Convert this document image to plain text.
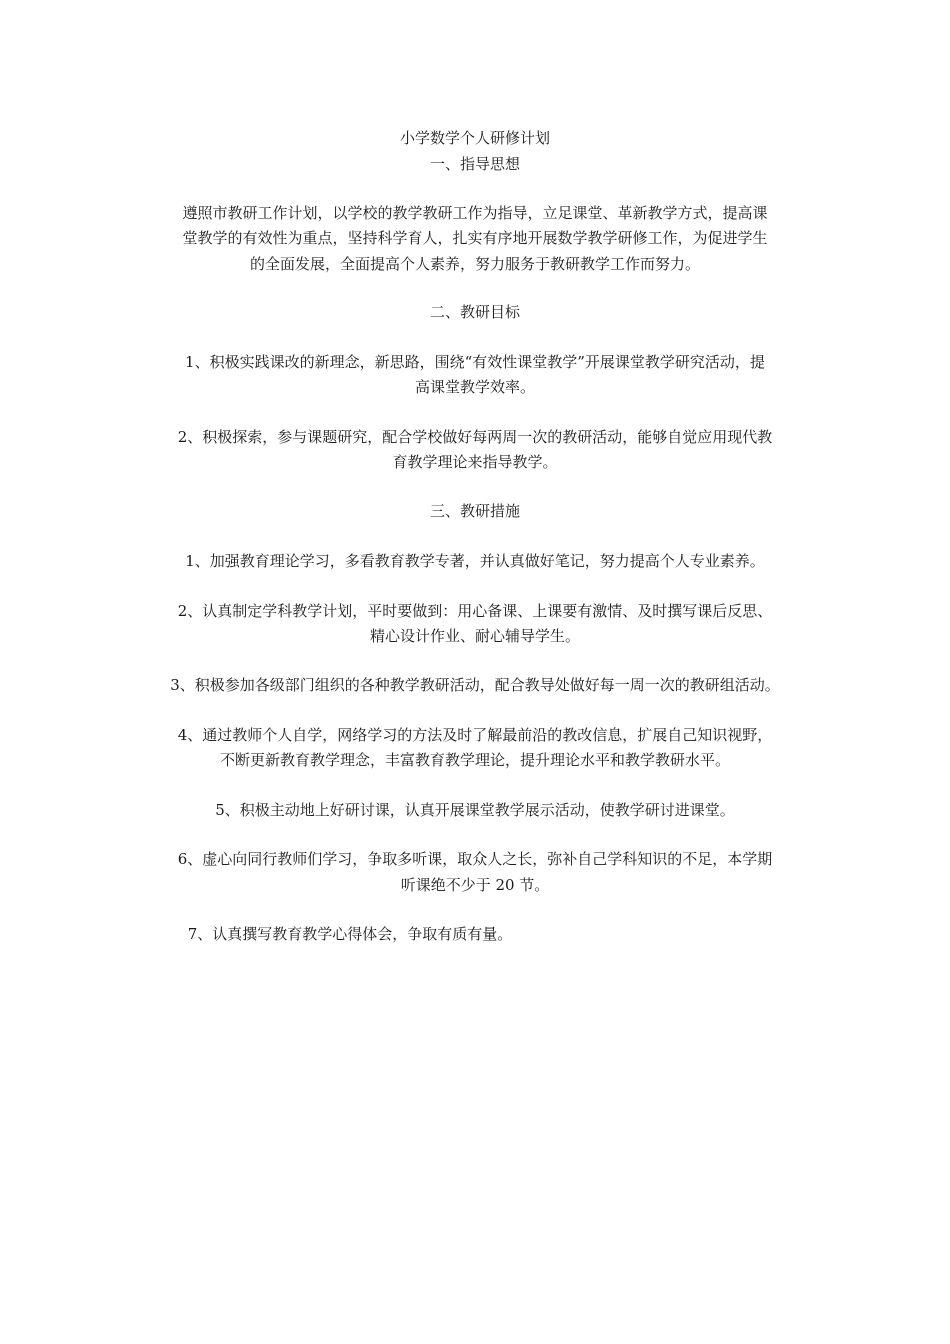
小学数学个人研修计划
一、指导思想
遵照市教研工作计划，以学校的教学教研工作为指导，立足课堂、革新教学方式，提高课
堂教学的有效性为重点，坚持科学育人，扎实有序地开展数学教学研修工作，为促进学生
的全面发展，全面提高个人素养，努力服务于教研教学工作而努力。
二、教研目标
1、积极实践课改的新理念，新思路，围绕“有效性课堂教学”开展课堂教学研究活动，提
高课堂教学效率。
2、积极探索，参与课题研究，配合学校做好每两周一次的教研活动，能够自觉应用现代教
育教学理论来指导教学。
三、教研措施
1、加强教育理论学习，多看教育教学专著，并认真做好笔记，努力提高个人专业素养。
2、认真制定学科教学计划，平时要做到：用心备课、上课要有激情、及时撰写课后反思、
精心设计作业、耐心辅导学生。
3、积极参加各级部门组织的各种教学教研活动，配合教导处做好每一周一次的教研组活动。
4、通过教师个人自学，网络学习的方法及时了解最前沿的教改信息，扩展自己知识视野，
不断更新教育教学理念，丰富教育教学理论，提升理论水平和教学教研水平。
5、积极主动地上好研讨课，认真开展课堂教学展示活动，使教学研讨进课堂。
6、虚心向同行教师们学习，争取多听课，取众人之长，弥补自己学科知识的不足，本学期
听课绝不少于 20 节。
7、认真撰写教育教学心得体会，争取有质有量。
